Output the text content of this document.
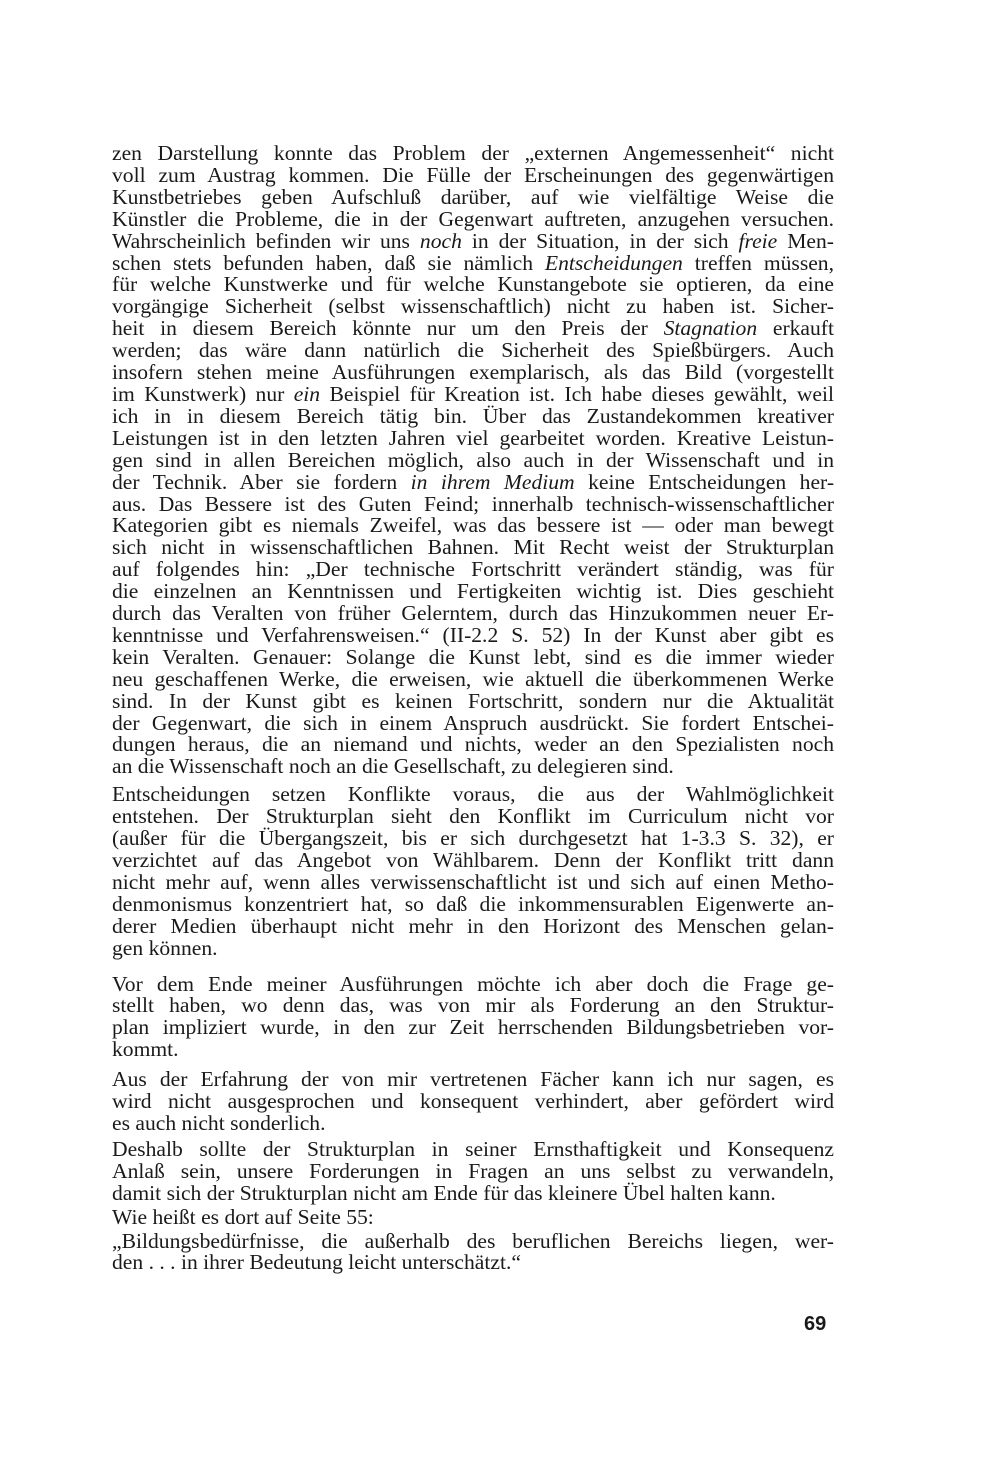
zen Darstellung konnte das Problem der „externen Angemessenheit“ nicht
voll zum Austrag kommen. Die Fülle der Erscheinungen des gegenwärtigen
Kunstbetriebes geben Aufschluß darüber, auf wie vielfältige Weise die
Künstler die Probleme, die in der Gegenwart auftreten, anzugehen versuchen.
Wahrscheinlich befinden wir uns noch in der Situation, in der sich freie Men-
schen stets befunden haben, daß sie nämlich Entscheidungen treffen müssen,
für welche Kunstwerke und für welche Kunstangebote sie optieren, da eine
vorgängige Sicherheit (selbst wissenschaftlich) nicht zu haben ist. Sicher-
heit in diesem Bereich könnte nur um den Preis der Stagnation erkauft
werden; das wäre dann natürlich die Sicherheit des Spießbürgers. Auch
insofern stehen meine Ausführungen exemplarisch, als das Bild (vorgestellt
im Kunstwerk) nur ein Beispiel für Kreation ist. Ich habe dieses gewählt, weil
ich in in diesem Bereich tätig bin. Über das Zustandekommen kreativer
Leistungen ist in den letzten Jahren viel gearbeitet worden. Kreative Leistun-
gen sind in allen Bereichen möglich, also auch in der Wissenschaft und in
der Technik. Aber sie fordern in ihrem Medium keine Entscheidungen her-
aus. Das Bessere ist des Guten Feind; innerhalb technisch-wissenschaftlicher
Kategorien gibt es niemals Zweifel, was das bessere ist — oder man bewegt
sich nicht in wissenschaftlichen Bahnen. Mit Recht weist der Strukturplan
auf folgendes hin: „Der technische Fortschritt verändert ständig, was für
die einzelnen an Kenntnissen und Fertigkeiten wichtig ist. Dies geschieht
durch das Veralten von früher Gelerntem, durch das Hinzukommen neuer Er-
kenntnisse und Verfahrensweisen.“ (II-2.2 S. 52) In der Kunst aber gibt es
kein Veralten. Genauer: Solange die Kunst lebt, sind es die immer wieder
neu geschaffenen Werke, die erweisen, wie aktuell die überkommenen Werke
sind. In der Kunst gibt es keinen Fortschritt, sondern nur die Aktualität
der Gegenwart, die sich in einem Anspruch ausdrückt. Sie fordert Entschei-
dungen heraus, die an niemand und nichts, weder an den Spezialisten noch
an die Wissenschaft noch an die Gesellschaft, zu delegieren sind.
Entscheidungen setzen Konflikte voraus, die aus der Wahlmöglichkeit
entstehen. Der Strukturplan sieht den Konflikt im Curriculum nicht vor
(außer für die Übergangszeit, bis er sich durchgesetzt hat 1-3.3 S. 32), er
verzichtet auf das Angebot von Wählbarem. Denn der Konflikt tritt dann
nicht mehr auf, wenn alles verwissenschaftlicht ist und sich auf einen Metho-
denmonismus konzentriert hat, so daß die inkommensurablen Eigenwerte an-
derer Medien überhaupt nicht mehr in den Horizont des Menschen gelan-
gen können.
Vor dem Ende meiner Ausführungen möchte ich aber doch die Frage ge-
stellt haben, wo denn das, was von mir als Forderung an den Struktur-
plan impliziert wurde, in den zur Zeit herrschenden Bildungsbetrieben vor-
kommt.
Aus der Erfahrung der von mir vertretenen Fächer kann ich nur sagen, es
wird nicht ausgesprochen und konsequent verhindert, aber gefördert wird
es auch nicht sonderlich.
Deshalb sollte der Strukturplan in seiner Ernsthaftigkeit und Konsequenz
Anlaß sein, unsere Forderungen in Fragen an uns selbst zu verwandeln,
damit sich der Strukturplan nicht am Ende für das kleinere Übel halten kann.
Wie heißt es dort auf Seite 55:
„Bildungsbedürfnisse, die außerhalb des beruflichen Bereichs liegen, wer-
den . . . in ihrer Bedeutung leicht unterschätzt.“
69
